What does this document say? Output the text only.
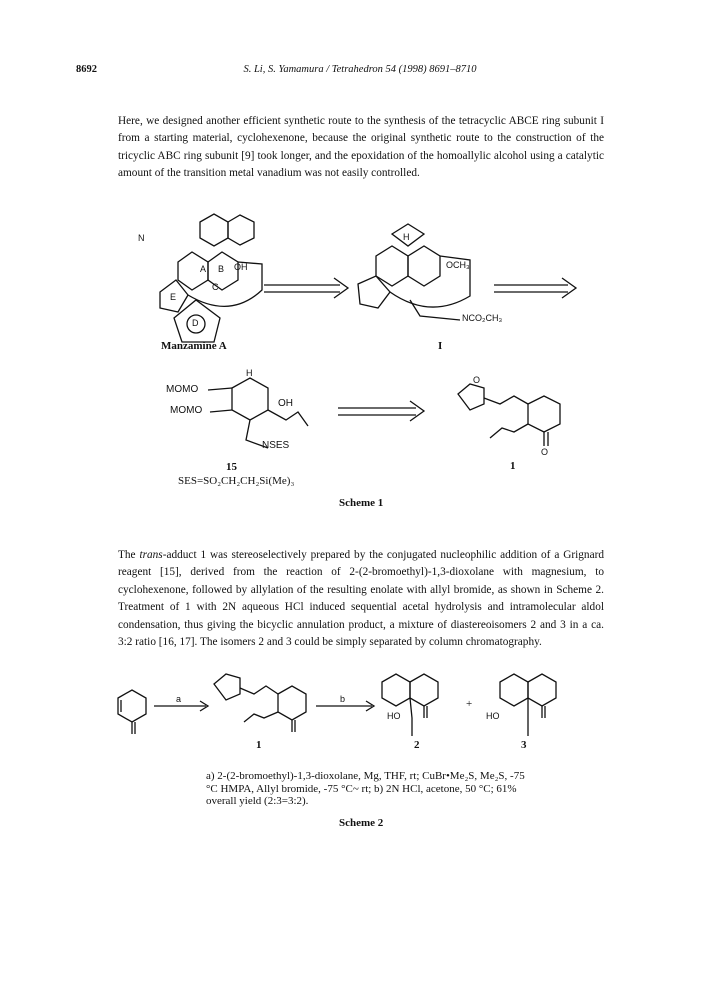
8692	S. Li, S. Yamamura / Tetrahedron 54 (1998) 8691–8710

Here, we designed another efficient synthetic route to the synthesis of the tetracyclic ABCE ring subunit I from a starting material, cyclohexenone, because the original synthetic route to the construction of the tricyclic ABC ring subunit [9] took longer, and the epoxidation of the homoallylic alcohol using a catalytic amount of the transition metal vanadium was not easily controlled.

N
A B
C
E
D
OH
Manzamine A
H
OCH₃
NCO₂CH₃
I
MOMO
MOMO
H
OH
NSES
15
SES=SO₂CH₂CH₂Si(Me)₃
O
O
1
Scheme 1

The trans-adduct 1 was stereoselectively prepared by the conjugated nucleophilic addition of a Grignard reagent [15], derived from the reaction of 2-(2-bromoethyl)-1,3-dioxolane with magnesium, to cyclohexenone, followed by allylation of the resulting enolate with allyl bromide, as shown in Scheme 2. Treatment of 1 with 2N aqueous HCl induced sequential acetal hydrolysis and intramolecular aldol condensation, thus giving the bicyclic annulation product, a mixture of diastereoisomers 2 and 3 in a ca. 3:2 ratio [16, 17]. The isomers 2 and 3 could be simply separated by column chromatography.

a	b
HO	HO
+
1	2	3
a) 2-(2-bromoethyl)-1,3-dioxolane, Mg, THF, rt; CuBr•Me₂S, Me₂S, -75 °C HMPA, Allyl bromide, -75 °C~ rt; b) 2N HCl, acetone, 50 °C; 61% overall yield (2:3=3:2).
Scheme 2
